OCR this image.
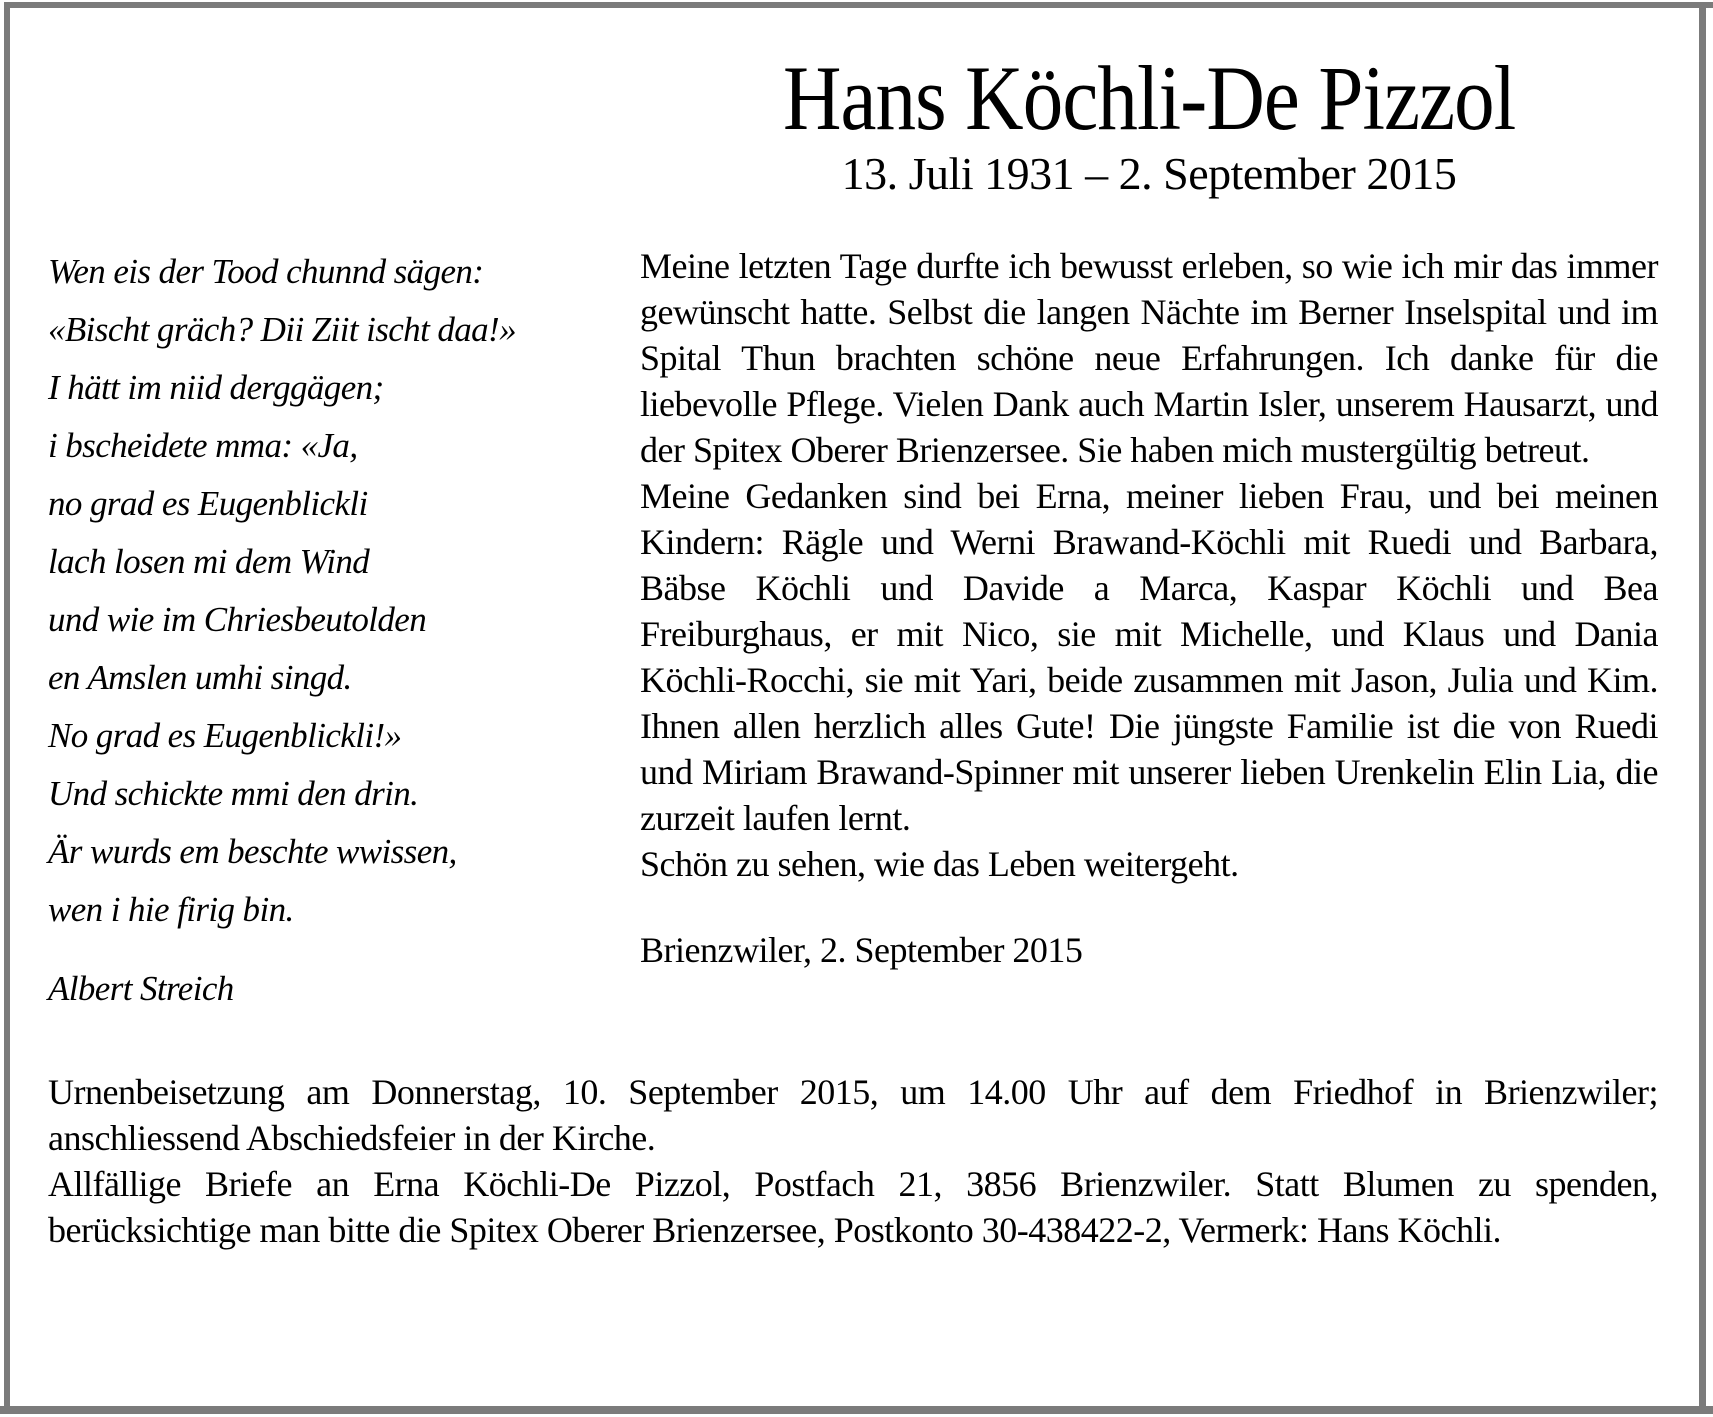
Hans Köchli-De Pizzol
13. Juli 1931 – 2. September 2015
Wen eis der Tood chunnd sägen:
«Bischt gräch? Dii Ziit ischt daa!»
I hätt im niid derggägen;
i bscheidete mma: «Ja,
no grad es Eugenblickli
lach losen mi dem Wind
und wie im Chriesbeutolden
en Amslen umhi singd.
No grad es Eugenblickli!»
Und schickte mmi den drin.
Är wurds em beschte wwissen,
wen i hie firig bin.
Albert Streich

Meine letzten Tage durfte ich bewusst erleben, so wie ich mir das immer gewünscht hatte. Selbst die langen Nächte im Berner Inselspital und im Spital Thun brachten schöne neue Erfahrungen. Ich danke für die liebevolle Pflege. Vielen Dank auch Martin Isler, unserem Hausarzt, und der Spitex Oberer Brienzersee. Sie haben mich mustergültig betreut.

Meine Gedanken sind bei Erna, meiner lieben Frau, und bei meinen Kindern: Rägle und Werni Brawand-Köchli mit Ruedi und Barbara, Bäbse Köchli und Davide a Marca, Kaspar Köchli und Bea Freiburghaus, er mit Nico, sie mit Michelle, und Klaus und Dania Köchli-Rocchi, sie mit Yari, beide zusammen mit Jason, Julia und Kim. Ihnen allen herzlich alles Gute! Die jüngste Familie ist die von Ruedi und Miriam Brawand-Spinner mit unserer lieben Urenkelin Elin Lia, die zurzeit laufen lernt.
Schön zu sehen, wie das Leben weitergeht.

Brienzwiler, 2. September 2015

Urnenbeisetzung am Donnerstag, 10. September 2015, um 14.00 Uhr auf dem Friedhof in Brienzwiler; anschliessend Abschiedsfeier in der Kirche.

Allfällige Briefe an Erna Köchli-De Pizzol, Postfach 21, 3856 Brienzwiler. Statt Blumen zu spenden, berücksichtige man bitte die Spitex Oberer Brienzersee, Postkonto 30-438422-2, Vermerk: Hans Köchli.
